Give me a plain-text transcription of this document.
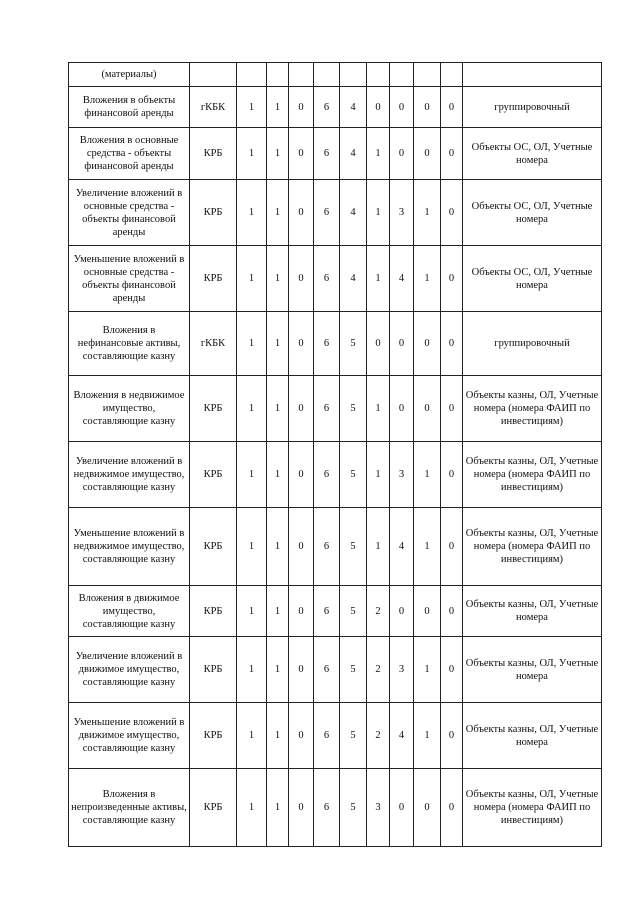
(материалы)											
Вложения в объекты финансовой аренды	гКБК	1	1	0	6	4	0	0	0	0	группировочный
Вложения в основные средства - объекты финансовой аренды	КРБ	1	1	0	6	4	1	0	0	0	Объекты ОС, ОЛ, Учетные номера
Увеличение вложений в основные средства - объекты финансовой аренды	КРБ	1	1	0	6	4	1	3	1	0	Объекты ОС, ОЛ, Учетные номера
Уменьшение вложений в основные средства - объекты финансовой аренды	КРБ	1	1	0	6	4	1	4	1	0	Объекты ОС, ОЛ, Учетные номера
Вложения в нефинансовые активы, составляющие казну	гКБК	1	1	0	6	5	0	0	0	0	группировочный
Вложения в недвижимое имущество, составляющие казну	КРБ	1	1	0	6	5	1	0	0	0	Объекты казны, ОЛ, Учетные номера (номера ФАИП по инвестициям)
Увеличение вложений в недвижимое имущество, составляющие казну	КРБ	1	1	0	6	5	1	3	1	0	Объекты казны, ОЛ, Учетные номера (номера ФАИП по инвестициям)
Уменьшение вложений в недвижимое имущество, составляющие казну	КРБ	1	1	0	6	5	1	4	1	0	Объекты казны, ОЛ, Учетные номера (номера ФАИП по инвестициям)
Вложения в движимое имущество, составляющие казну	КРБ	1	1	0	6	5	2	0	0	0	Объекты казны, ОЛ, Учетные номера
Увеличение вложений в движимое имущество, составляющие казну	КРБ	1	1	0	6	5	2	3	1	0	Объекты казны, ОЛ, Учетные номера
Уменьшение вложений в движимое имущество, составляющие казну	КРБ	1	1	0	6	5	2	4	1	0	Объекты казны, ОЛ, Учетные номера
Вложения в непроизведенные активы, составляющие казну	КРБ	1	1	0	6	5	3	0	0	0	Объекты казны, ОЛ, Учетные номера (номера ФАИП по инвестициям)
